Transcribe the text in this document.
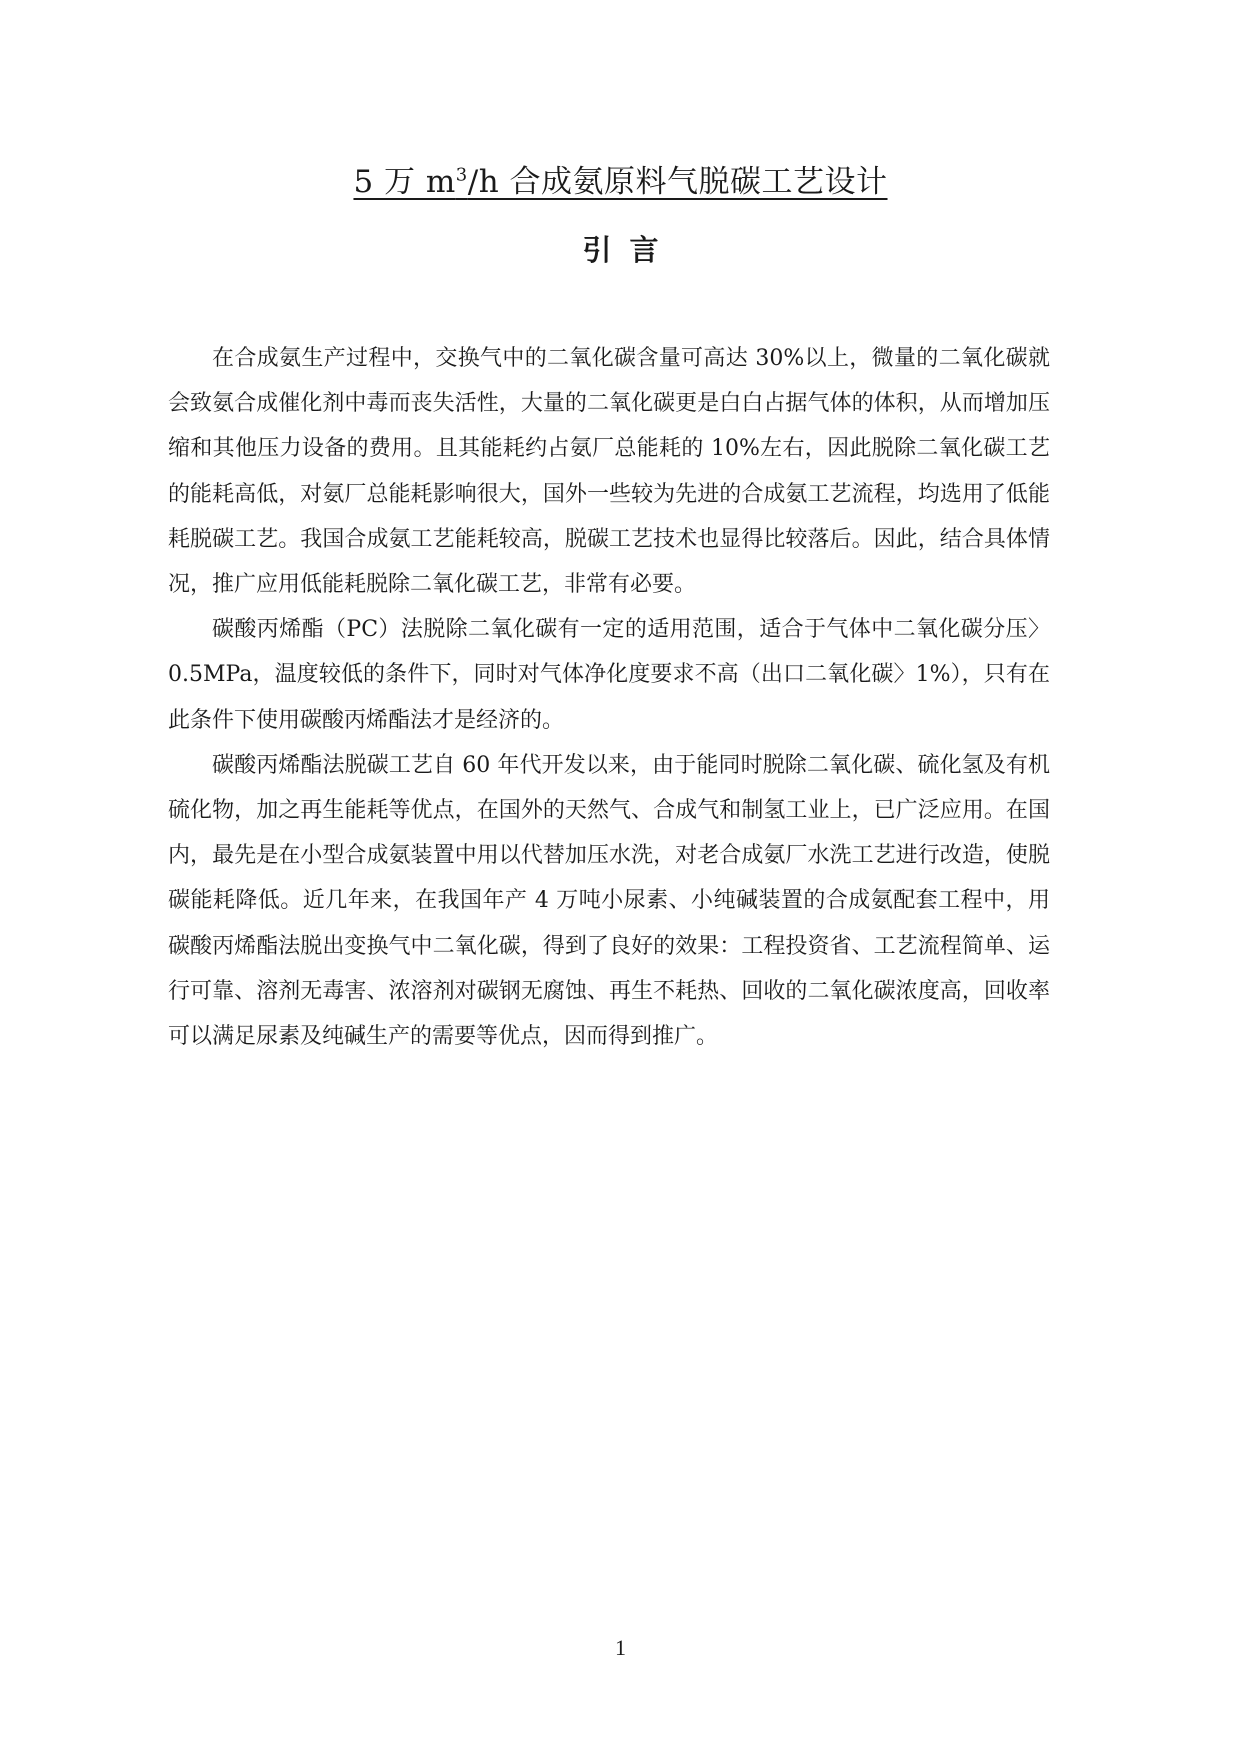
5 万 $m^3/h$ 合成氨原料气脱碳工艺设计
引言

在合成氨生产过程中，交换气中的二氧化碳含量可高达 30%以上，微量的二氧化碳就会致氨合成催化剂中毒而丧失活性，大量的二氧化碳更是白白占据气体的体积，从而增加压缩和其他压力设备的费用。且其能耗约占氨厂总能耗的 10%左右，因此脱除二氧化碳工艺的能耗高低，对氨厂总能耗影响很大，国外一些较为先进的合成氨工艺流程，均选用了低能耗脱碳工艺。我国合成氨工艺能耗较高，脱碳工艺技术也显得比较落后。因此，结合具体情况，推广应用低能耗脱除二氧化碳工艺，非常有必要。

碳酸丙烯酯（PC）法脱除二氧化碳有一定的适用范围，适合于气体中二氧化碳分压〉0.5MPa，温度较低的条件下，同时对气体净化度要求不高（出口二氧化碳〉1%），只有在此条件下使用碳酸丙烯酯法才是经济的。

碳酸丙烯酯法脱碳工艺自 60 年代开发以来，由于能同时脱除二氧化碳、硫化氢及有机硫化物，加之再生能耗等优点，在国外的天然气、合成气和制氢工业上，已广泛应用。在国内，最先是在小型合成氨装置中用以代替加压水洗，对老合成氨厂水洗工艺进行改造，使脱碳能耗降低。近几年来，在我国年产 4 万吨小尿素、小纯碱装置的合成氨配套工程中，用碳酸丙烯酯法脱出变换气中二氧化碳，得到了良好的效果：工程投资省、工艺流程简单、运行可靠、溶剂无毒害、浓溶剂对碳钢无腐蚀、再生不耗热、回收的二氧化碳浓度高，回收率可以满足尿素及纯碱生产的需要等优点，因而得到推广。

1
